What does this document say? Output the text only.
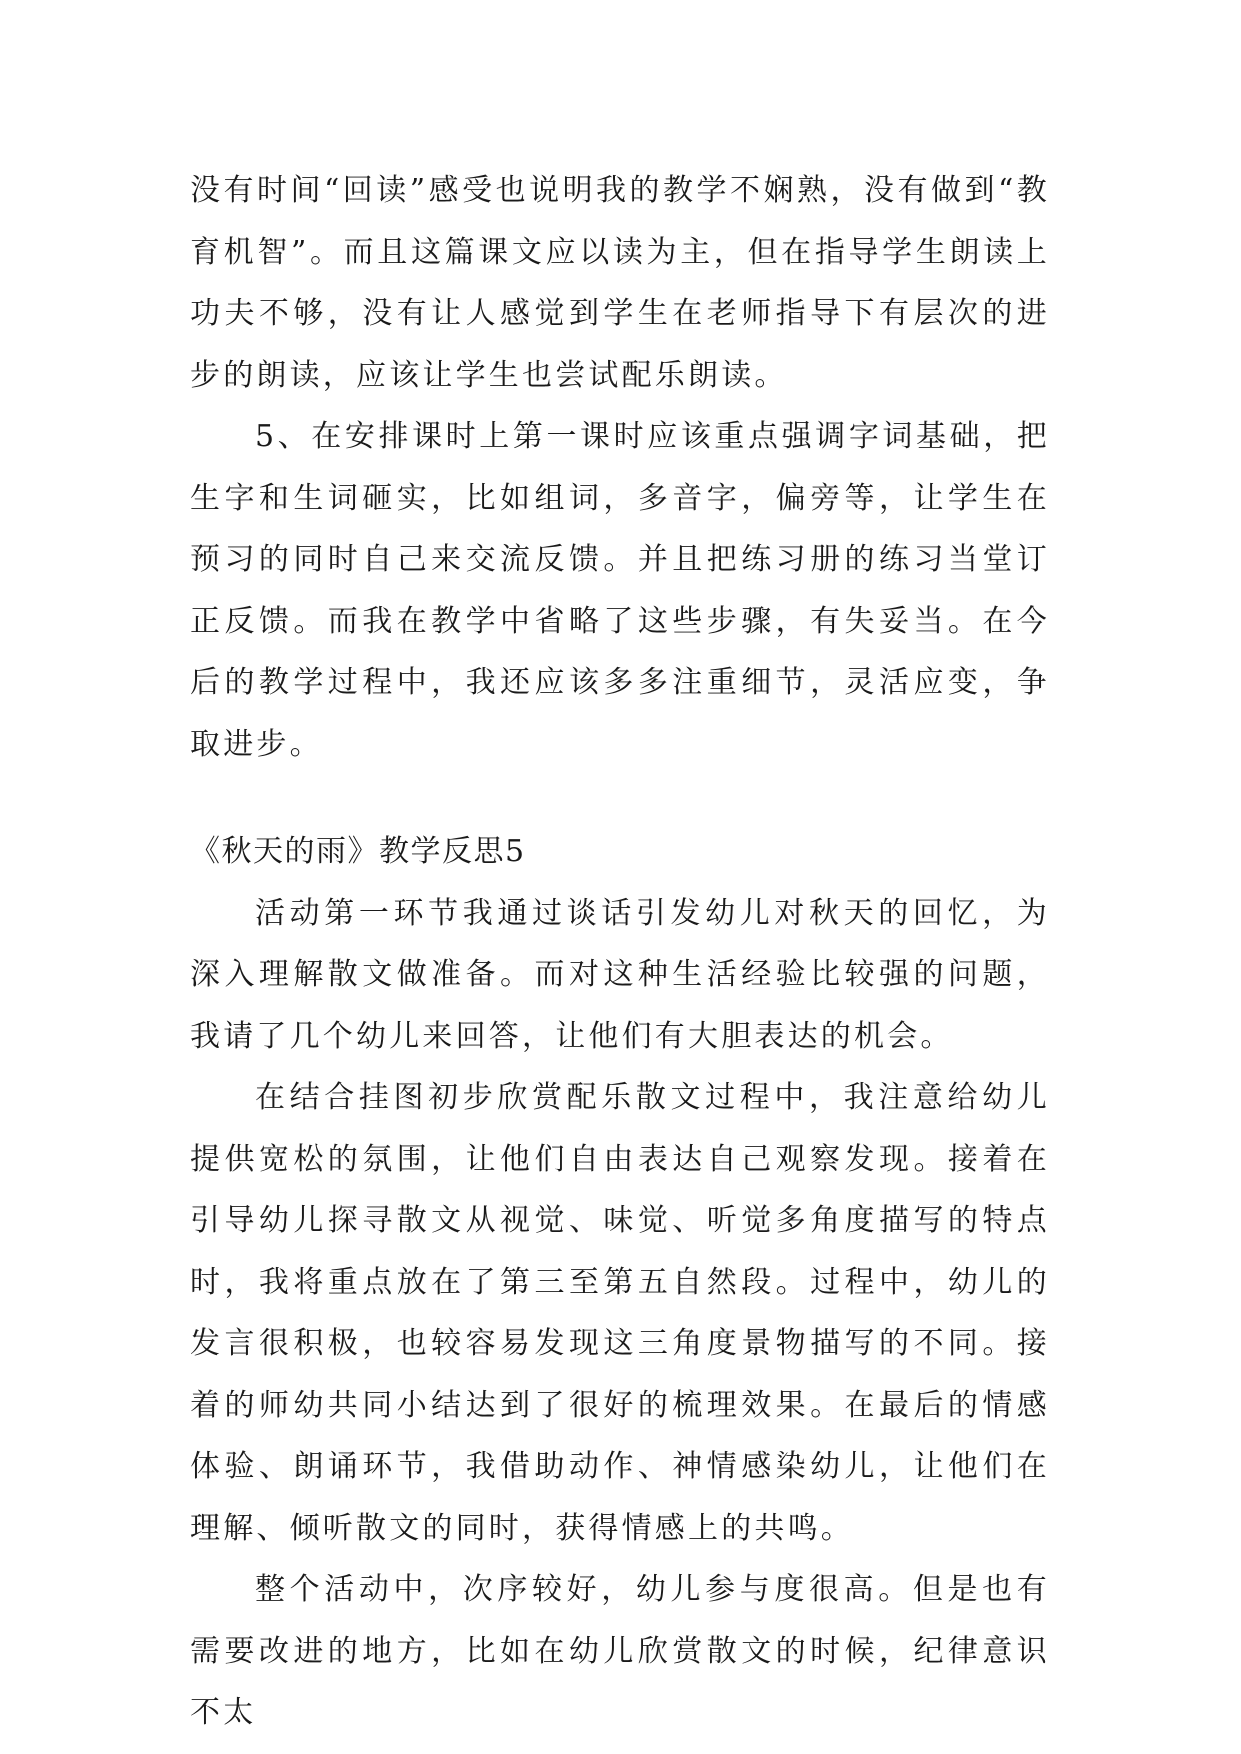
没有时间“回读”感受也说明我的教学不娴熟，没有做到“教育机智”。而且这篇课文应以读为主，但在指导学生朗读上功夫不够，没有让人感觉到学生在老师指导下有层次的进步的朗读，应该让学生也尝试配乐朗读。

5、在安排课时上第一课时应该重点强调字词基础，把生字和生词砸实，比如组词，多音字，偏旁等，让学生在预习的同时自己来交流反馈。并且把练习册的练习当堂订正反馈。而我在教学中省略了这些步骤，有失妥当。在今后的教学过程中，我还应该多多注重细节，灵活应变，争取进步。

《秋天的雨》教学反思5

活动第一环节我通过谈话引发幼儿对秋天的回忆，为深入理解散文做准备。而对这种生活经验比较强的问题，我请了几个幼儿来回答，让他们有大胆表达的机会。

在结合挂图初步欣赏配乐散文过程中，我注意给幼儿提供宽松的氛围，让他们自由表达自己观察发现。接着在引导幼儿探寻散文从视觉、味觉、听觉多角度描写的特点时，我将重点放在了第三至第五自然段。过程中，幼儿的发言很积极，也较容易发现这三角度景物描写的不同。接着的师幼共同小结达到了很好的梳理效果。在最后的情感体验、朗诵环节，我借助动作、神情感染幼儿，让他们在理解、倾听散文的同时，获得情感上的共鸣。

整个活动中，次序较好，幼儿参与度很高。但是也有需要改进的地方，比如在幼儿欣赏散文的时候，纪律意识不太
